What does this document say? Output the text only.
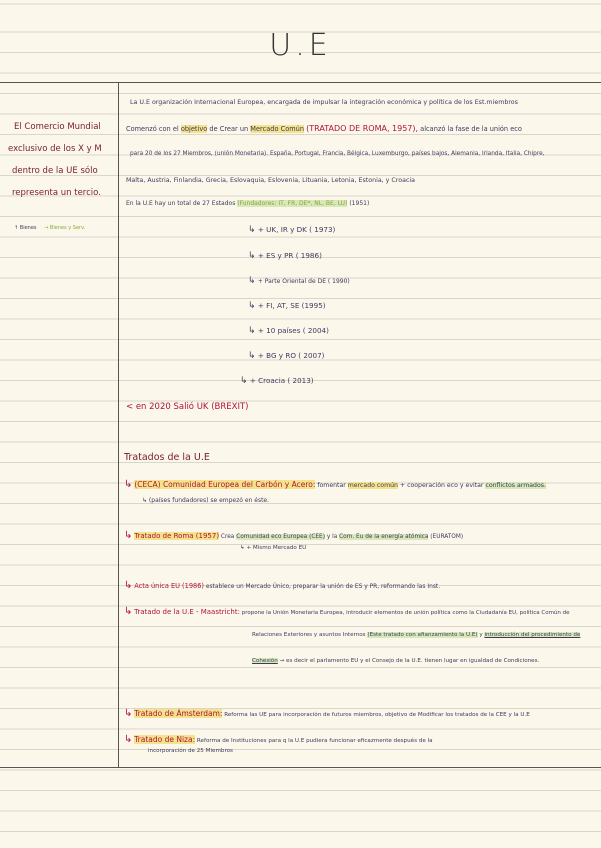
U.E
El Comercio Mundial
exclusivo de los X y M
dentro de la UE sólo
representa un tercio.
↑ Bienes → Bienes y Serv.
La U.E organización Internacional Europea, encargada de impulsar la integración económica y política de los Est.miembros
Comenzó con el objetivo de Crear un Mercado Común (TRATADO DE ROMA, 1957), alcanzó la fase de la unión eco
para 20 de los 27 Miembros, (unión Monetaria). España, Portugal, Francia, Bélgica, Luxemburgo, países bajos, Alemania, Irlanda, Italia, Chipre,
Malta, Austria, Finlandia, Grecia, Eslovaquia, Eslovenia, Lituania, Letonia, Estonia, y Croacia
En la U.E hay un total de 27 Estados (Fundadores: IT, FR, DE*, NL, BE, LU) (1951)
↳ + UK, IR y DK ( 1973)
↳ + ES y PR ( 1986)
↳ + Parte Oriental de DE ( 1990)
↳ + FI, AT, SE (1995)
↳ + 10 países ( 2004)
↳ + BG y RO ( 2007)
↳ + Croacia ( 2013)
< en 2020 Salió UK (BREXIT)
Tratados de la U.E
↳ (CECA) Comunidad Europea del Carbón y Acero: fomentar mercado común + cooperación eco y evitar conflictos armados.
↳ (países fundadores) se empezó en éste.
↳ Tratado de Roma (1957) Crea Comunidad eco Europea (CEE) y la Com. Eu de la energía atómica (EURATOM)
↳ + Mismo Mercado EU
↳ Acta única EU (1986) establece un Mercado Único, preparar la unión de ES y PR, reformando las Inst.
↳ Tratado de la U.E - Maastricht: propone la Unión Monetaria Europea, introducir elementos de unión política como la Ciudadanía EU, política Común de
Relaciones Exteriores y asuntos Internos (Este tratado con afianzamiento la U.E) y introducción del procedimiento de
Cohesión → es decir el parlamento EU y el Consejo de la U.E. tienen lugar en igualdad de Condiciones.
↳ Tratado de Ámsterdam: Reforma las UE para incorporación de futuros miembros, objetivo de Modificar los tratados de la CEE y la U.E
↳ Tratado de Niza: Reforma de Instituciones para q la U.E pudiera funcionar eficazmente después de la
incorporación de 25 Miembros
